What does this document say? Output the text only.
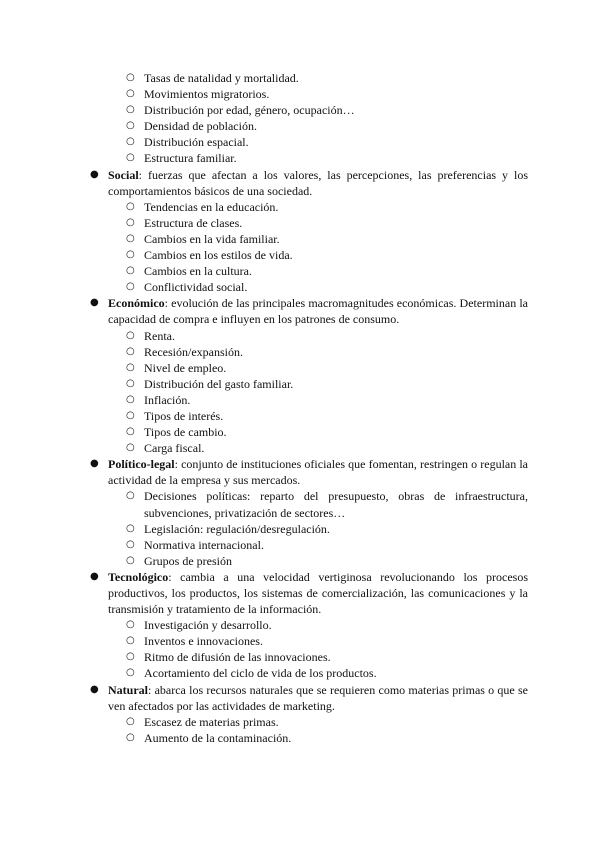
○ Tasas de natalidad y mortalidad.
○ Movimientos migratorios.
○ Distribución por edad, género, ocupación…
○ Densidad de población.
○ Distribución espacial.
○ Estructura familiar.
● Social: fuerzas que afectan a los valores, las percepciones, las preferencias y los comportamientos básicos de una sociedad.
○ Tendencias en la educación.
○ Estructura de clases.
○ Cambios en la vida familiar.
○ Cambios en los estilos de vida.
○ Cambios en la cultura.
○ Conflictividad social.
● Económico: evolución de las principales macromagnitudes económicas. Determinan la capacidad de compra e influyen en los patrones de consumo.
○ Renta.
○ Recesión/expansión.
○ Nivel de empleo.
○ Distribución del gasto familiar.
○ Inflación.
○ Tipos de interés.
○ Tipos de cambio.
○ Carga fiscal.
● Político-legal: conjunto de instituciones oficiales que fomentan, restringen o regulan la actividad de la empresa y sus mercados.
○ Decisiones políticas: reparto del presupuesto, obras de infraestructura, subvenciones, privatización de sectores…
○ Legislación: regulación/desregulación.
○ Normativa internacional.
○ Grupos de presión
● Tecnológico: cambia a una velocidad vertiginosa revolucionando los procesos productivos, los productos, los sistemas de comercialización, las comunicaciones y la transmisión y tratamiento de la información.
○ Investigación y desarrollo.
○ Inventos e innovaciones.
○ Ritmo de difusión de las innovaciones.
○ Acortamiento del ciclo de vida de los productos.
● Natural: abarca los recursos naturales que se requieren como materias primas o que se ven afectados por las actividades de marketing.
○ Escasez de materias primas.
○ Aumento de la contaminación.
